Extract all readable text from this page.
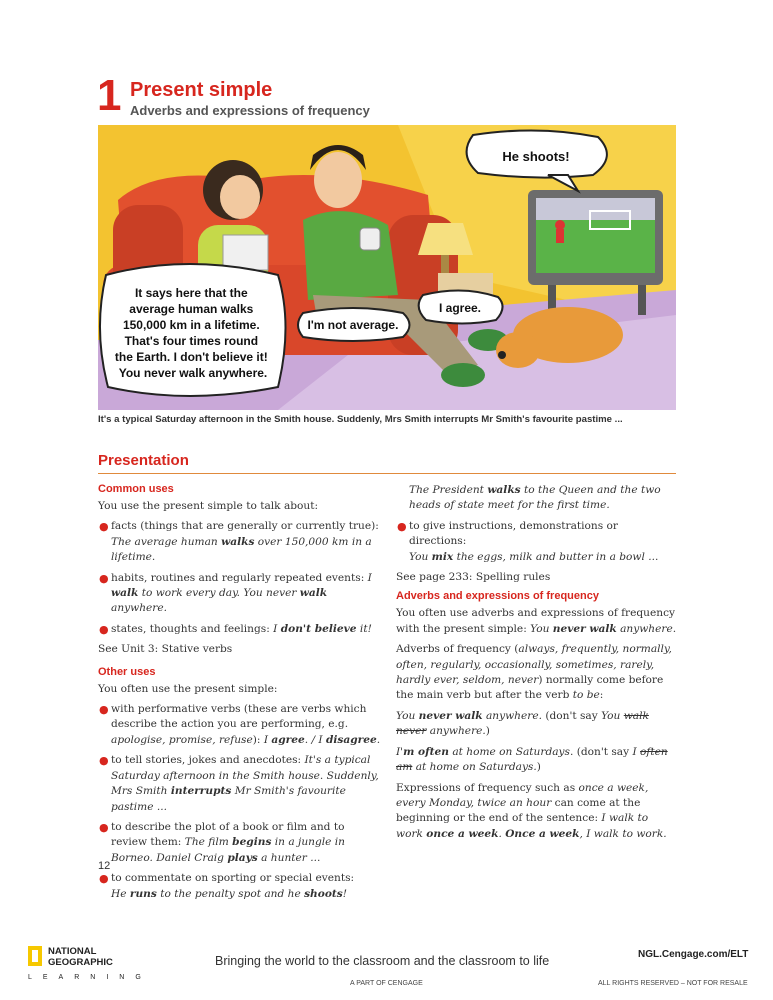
1 Present simple
Adverbs and expressions of frequency
He shoots!
It says here that the average human walks 150,000 km in a lifetime. That's four times round the Earth. I don't believe it! You never walk anywhere.
I'm not average.
I agree.
It's a typical Saturday afternoon in the Smith house. Suddenly, Mrs Smith interrupts Mr Smith's favourite pastime ...
Presentation
Common uses

You use the present simple to talk about:

● facts (things that are generally or currently true): The average human walks over 150,000 km in a lifetime.
● habits, routines and regularly repeated events: I walk to work every day. You never walk anywhere.
● states, thoughts and feelings: I don't believe it!

See Unit 3: Stative verbs

Other uses

You often use the present simple:

● with performative verbs (these are verbs which describe the action you are performing, e.g. apologise, promise, refuse): I agree. / I disagree.
● to tell stories, jokes and anecdotes: It's a typical Saturday afternoon in the Smith house. Suddenly, Mrs Smith interrupts Mr Smith's favourite pastime ...
● to describe the plot of a book or film and to review them: The film begins in a jungle in Borneo. Daniel Craig plays a hunter ...
● to commentate on sporting or special events:
He runs to the penalty spot and he shoots!
The President walks to the Queen and the two heads of state meet for the first time.
● to give instructions, demonstrations or directions:
You mix the eggs, milk and butter in a bowl ...

See page 233: Spelling rules

Adverbs and expressions of frequency

You often use adverbs and expressions of frequency with the present simple: You never walk anywhere.

Adverbs of frequency (always, frequently, normally, often, regularly, occasionally, sometimes, rarely, hardly ever, seldom, never) normally come before the main verb but after the verb to be:

You never walk anywhere. (don't say You walk never anywhere.)

I'm often at home on Saturdays. (don't say I often am at home on Saturdays.)

Expressions of frequency such as once a week, every Monday, twice an hour can come at the beginning or the end of the sentence: I walk to work once a week. Once a week, I walk to work.

12
NATIONAL
GEOGRAPHIC
LEARNING
Bringing the world to the classroom and the classroom to life
A PART OF CENGAGE
NGL.Cengage.com/ELT
ALL RIGHTS RESERVED – NOT FOR RESALE
